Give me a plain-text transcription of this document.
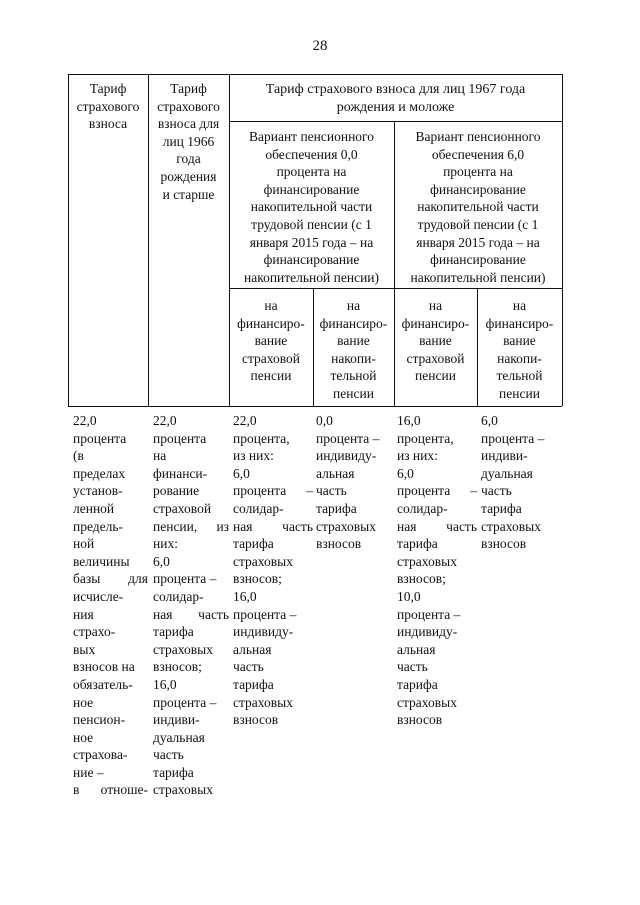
28
Тариф
страхового
взноса
Тариф
страхового
взноса для
лиц 1966
года
рождения
и старше
Тариф страхового взноса для лиц 1967 года
рождения и моложе
Вариант пенсионного
обеспечения 0,0
процента на
финансирование
накопительной части
трудовой пенсии (с 1
января 2015 года – на
финансирование
накопительной пенсии)
Вариант пенсионного
обеспечения 6,0
процента на
финансирование
накопительной части
трудовой пенсии (с 1
января 2015 года – на
финансирование
накопительной пенсии)
на
финансиро-
вание
страховой
пенсии
на
финансиро-
вание
накопи-
тельной
пенсии
на
финансиро-
вание
страховой
пенсии
на
финансиро-
вание
накопи-
тельной
пенсии
22,0
процента
(в
пределах
установ-
ленной
предель-
ной
величины
базы для
исчисле-
ния
страхо-
вых
взносов на
обязатель-
ное
пенсион-
ное
страхова-
ние –
в отноше-
22,0
процента
на
финанси-
рование
страховой
пенсии, из
них:
6,0
процента –
солидар-
ная часть
тарифа
страховых
взносов;
16,0
процента –
индиви-
дуальная
часть
тарифа
страховых
22,0
процента,
из них:
6,0
процента –
солидар-
ная часть
тарифа
страховых
взносов;
16,0
процента –
индивиду-
альная
часть
тарифа
страховых
взносов
0,0
процента –
индивиду-
альная
часть
тарифа
страховых
взносов
16,0
процента,
из них:
6,0
процента –
солидар-
ная часть
тарифа
страховых
взносов;
10,0
процента –
индивиду-
альная
часть
тарифа
страховых
взносов
6,0
процента –
индиви-
дуальная
часть
тарифа
страховых
взносов
